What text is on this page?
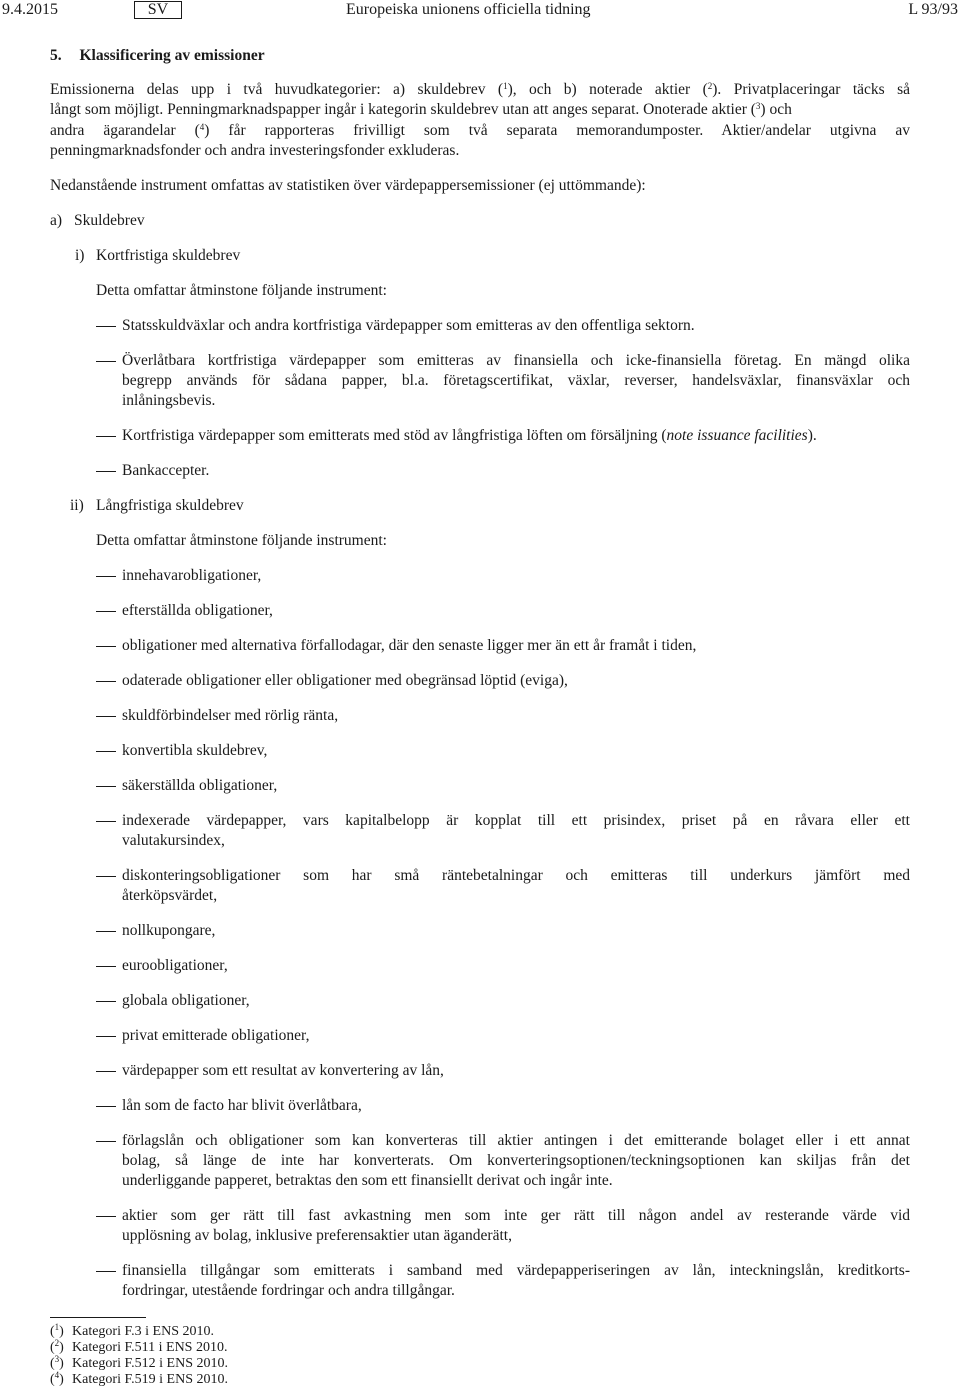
9.4.2015	SV	Europeiska unionens officiella tidning	L 93/93
5. Klassificering av emissioner
Emissionerna delas upp i två huvudkategorier: a) skuldebrev ($^1$), och b) noterade aktier ($^2$). Privatplaceringar täcks så
långt som möjligt. Penningmarknadspapper ingår i kategorin skuldebrev utan att anges separat. Onoterade aktier ($^3$) och
andra ägarandelar ($^4$) får rapporteras frivilligt som två separata memorandumposter. Aktier/andelar utgivna av
penningmarknadsfonder och andra investeringsfonder exkluderas.
Nedanstående instrument omfattas av statistiken över värdepappersemissioner (ej uttömmande):
a) Skuldebrev
i) Kortfristiga skuldebrev
Detta omfattar åtminstone följande instrument:
Statsskuldväxlar och andra kortfristiga värdepapper som emitteras av den offentliga sektorn.
Överlåtbara kortfristiga värdepapper som emitteras av finansiella och icke-finansiella företag. En mängd olika
begrepp används för sådana papper, bl.a. företagscertifikat, växlar, reverser, handelsväxlar, finansväxlar och
inlåningsbevis.
Kortfristiga värdepapper som emitterats med stöd av långfristiga löften om försäljning (note issuance facilities).
Bankaccepter.
ii) Långfristiga skuldebrev
Detta omfattar åtminstone följande instrument:
innehavarobligationer,
efterställda obligationer,
obligationer med alternativa förfallodagar, där den senaste ligger mer än ett år framåt i tiden,
odaterade obligationer eller obligationer med obegränsad löptid (eviga),
skuldförbindelser med rörlig ränta,
konvertibla skuldebrev,
säkerställda obligationer,
indexerade värdepapper, vars kapitalbelopp är kopplat till ett prisindex, priset på en råvara eller ett
valutakursindex,
diskonteringsobligationer som har små räntebetalningar och emitteras till underkurs jämfört med
återköpsvärdet,
nollkupongare,
euroobligationer,
globala obligationer,
privat emitterade obligationer,
värdepapper som ett resultat av konvertering av lån,
lån som de facto har blivit överlåtbara,
förlagslån och obligationer som kan konverteras till aktier antingen i det emitterande bolaget eller i ett annat
bolag, så länge de inte har konverterats. Om konverteringsoptionen/teckningsoptionen kan skiljas från det
underliggande papperet, betraktas den som ett finansiellt derivat och ingår inte.
aktier som ger rätt till fast avkastning men som inte ger rätt till någon andel av resterande värde vid
upplösning av bolag, inklusive preferensaktier utan äganderätt,
finansiella tillgångar som emitterats i samband med värdepapperiseringen av lån, inteckningslån, kreditkorts-
fordringar, utestående fordringar och andra tillgångar.
($^1$) Kategori F.3 i ENS 2010.
($^2$) Kategori F.511 i ENS 2010.
($^3$) Kategori F.512 i ENS 2010.
($^4$) Kategori F.519 i ENS 2010.
